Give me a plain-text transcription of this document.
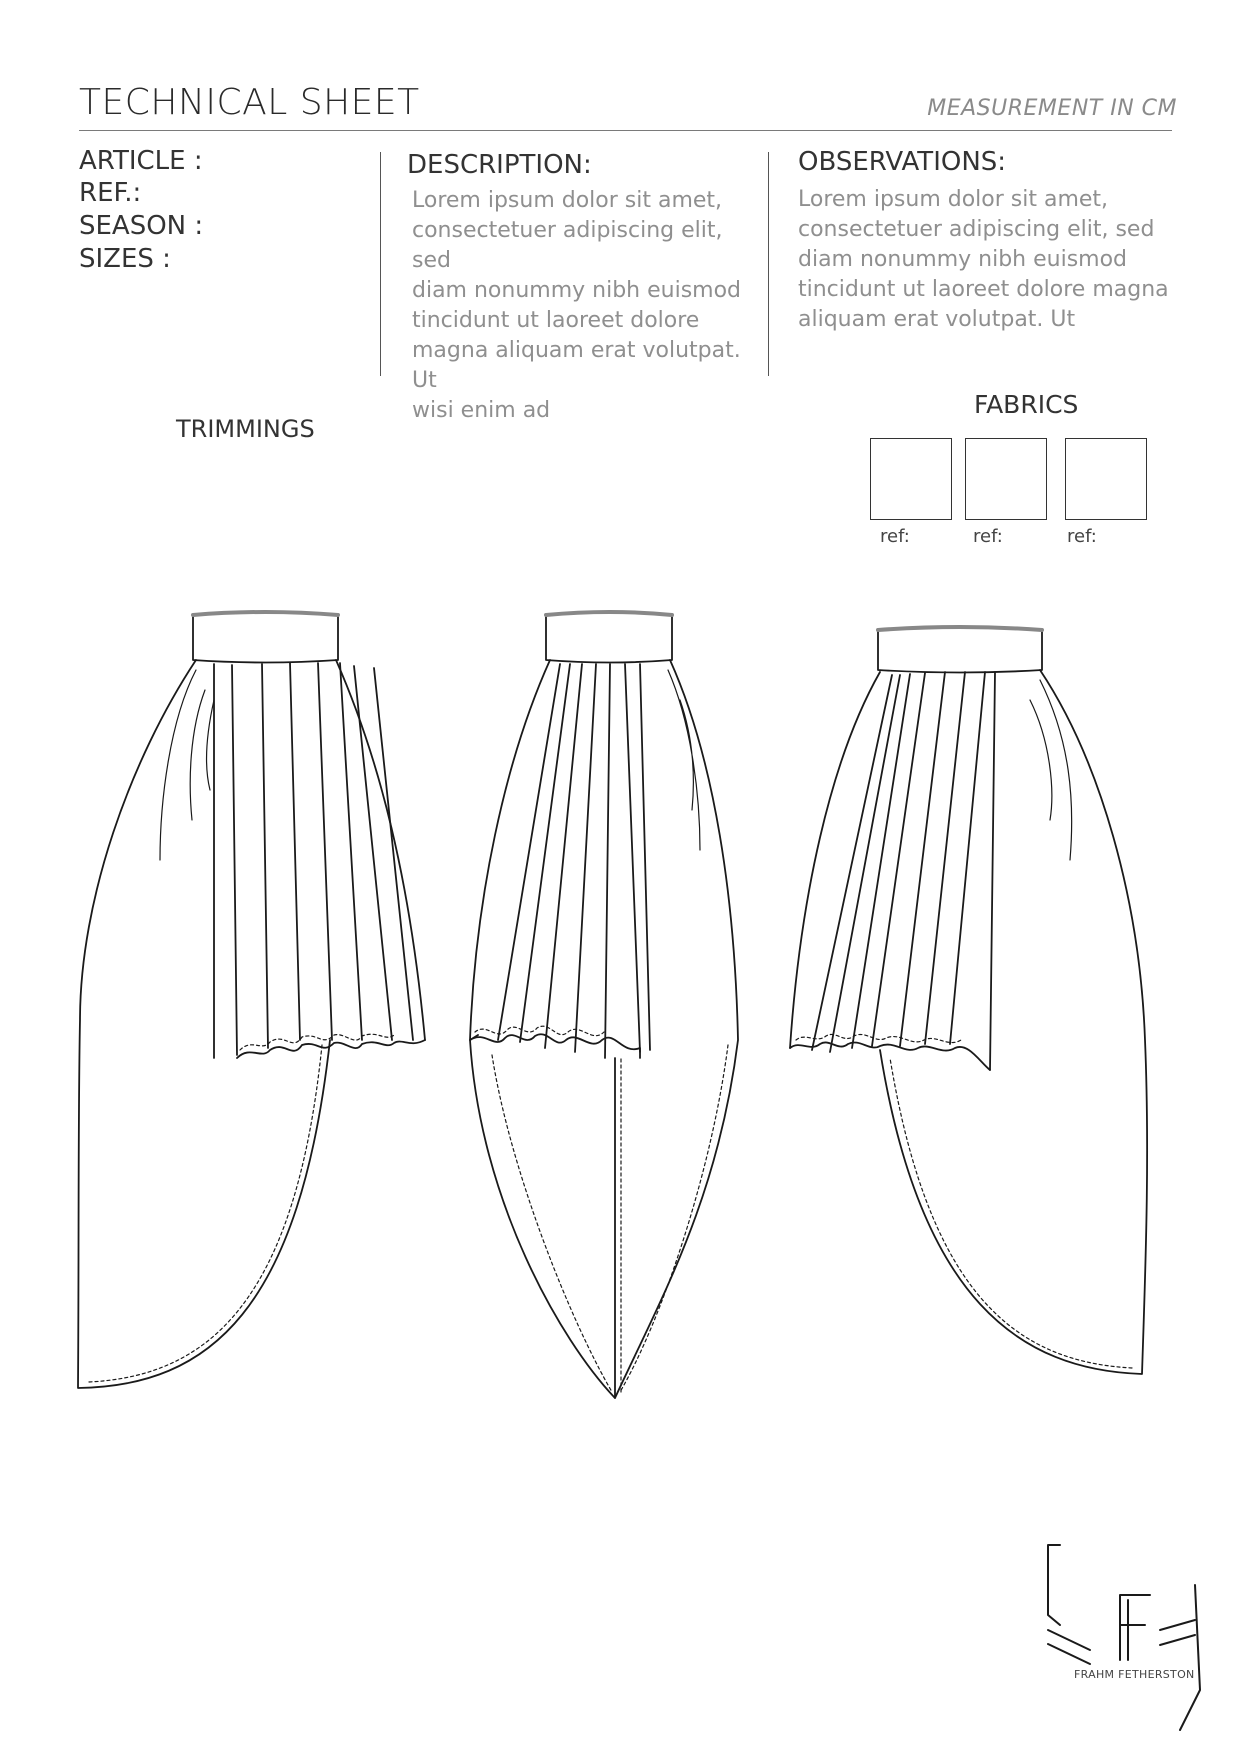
TECHNICAL SHEET	MEASUREMENT IN CM
ARTICLE :
REF.:
SEASON :
SIZES :
DESCRIPTION:
Lorem ipsum dolor sit amet,
consectetuer adipiscing elit, sed
diam nonummy nibh euismod
tincidunt ut laoreet dolore
magna aliquam erat volutpat. Ut
wisi enim ad
OBSERVATIONS:
Lorem ipsum dolor sit amet,
consectetuer adipiscing elit, sed
diam nonummy nibh euismod
tincidunt ut laoreet dolore magna
aliquam erat volutpat. Ut
TRIMMINGS
FABRICS
ref:	ref:	ref:
FRAHM FETHERSTON
